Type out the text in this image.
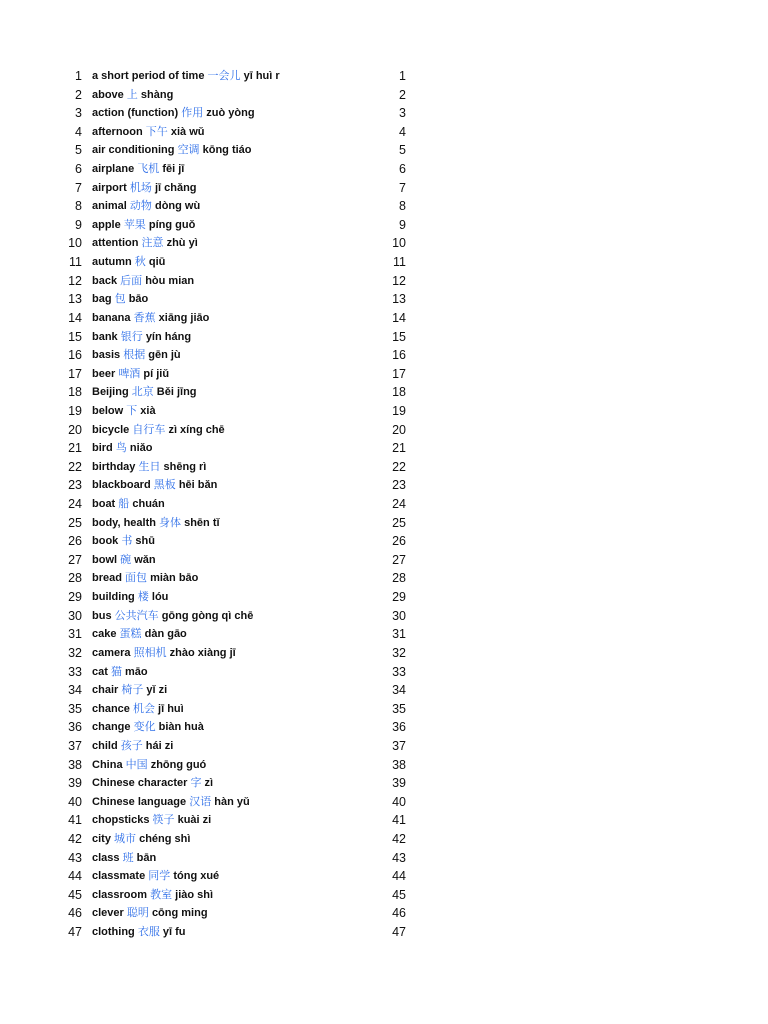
1 a short period of time 一会儿 yī huì r	1
2 above 上 shàng	2
3 action (function) 作用 zuò yòng	3
4 afternoon 下午 xià wǔ	4
5 air conditioning 空调 kōng tiáo	5
6 airplane 飞机 fēi jī	6
7 airport 机场 jī chǎng	7
8 animal 动物 dòng wù	8
9 apple 苹果 píng guǒ	9
10 attention 注意 zhù yì	10
11 autumn 秋 qiū	11
12 back 后面 hòu mian	12
13 bag 包 bāo	13
14 banana 香蕉 xiāng jiāo	14
15 bank 银行 yín háng	15
16 basis 根据 gēn jù	16
17 beer 啤酒 pí jiǔ	17
18 Beijing 北京 Běi jīng	18
19 below 下 xià	19
20 bicycle 自行车 zì xíng chē	20
21 bird 鸟 niǎo	21
22 birthday 生日 shēng rì	22
23 blackboard 黑板 hēi bǎn	23
24 boat 船 chuán	24
25 body, health 身体 shēn tǐ	25
26 book 书 shū	26
27 bowl 碗 wǎn	27
28 bread 面包 miàn bāo	28
29 building 楼 lóu	29
30 bus 公共汽车 gōng gòng qì chē	30
31 cake 蛋糕 dàn gāo	31
32 camera 照相机 zhào xiàng jī	32
33 cat 猫 māo	33
34 chair 椅子 yǐ zi	34
35 chance 机会 jī huì	35
36 change 变化 biàn huà	36
37 child 孩子 hái zi	37
38 China 中国 zhōng guó	38
39 Chinese character 字 zì	39
40 Chinese language 汉语 hàn yǔ	40
41 chopsticks 筷子 kuài zi	41
42 city 城市 chéng shì	42
43 class 班 bān	43
44 classmate 同学 tóng xué	44
45 classroom 教室 jiào shì	45
46 clever 聪明 cōng ming	46
47 clothing 衣服 yī fu	47
